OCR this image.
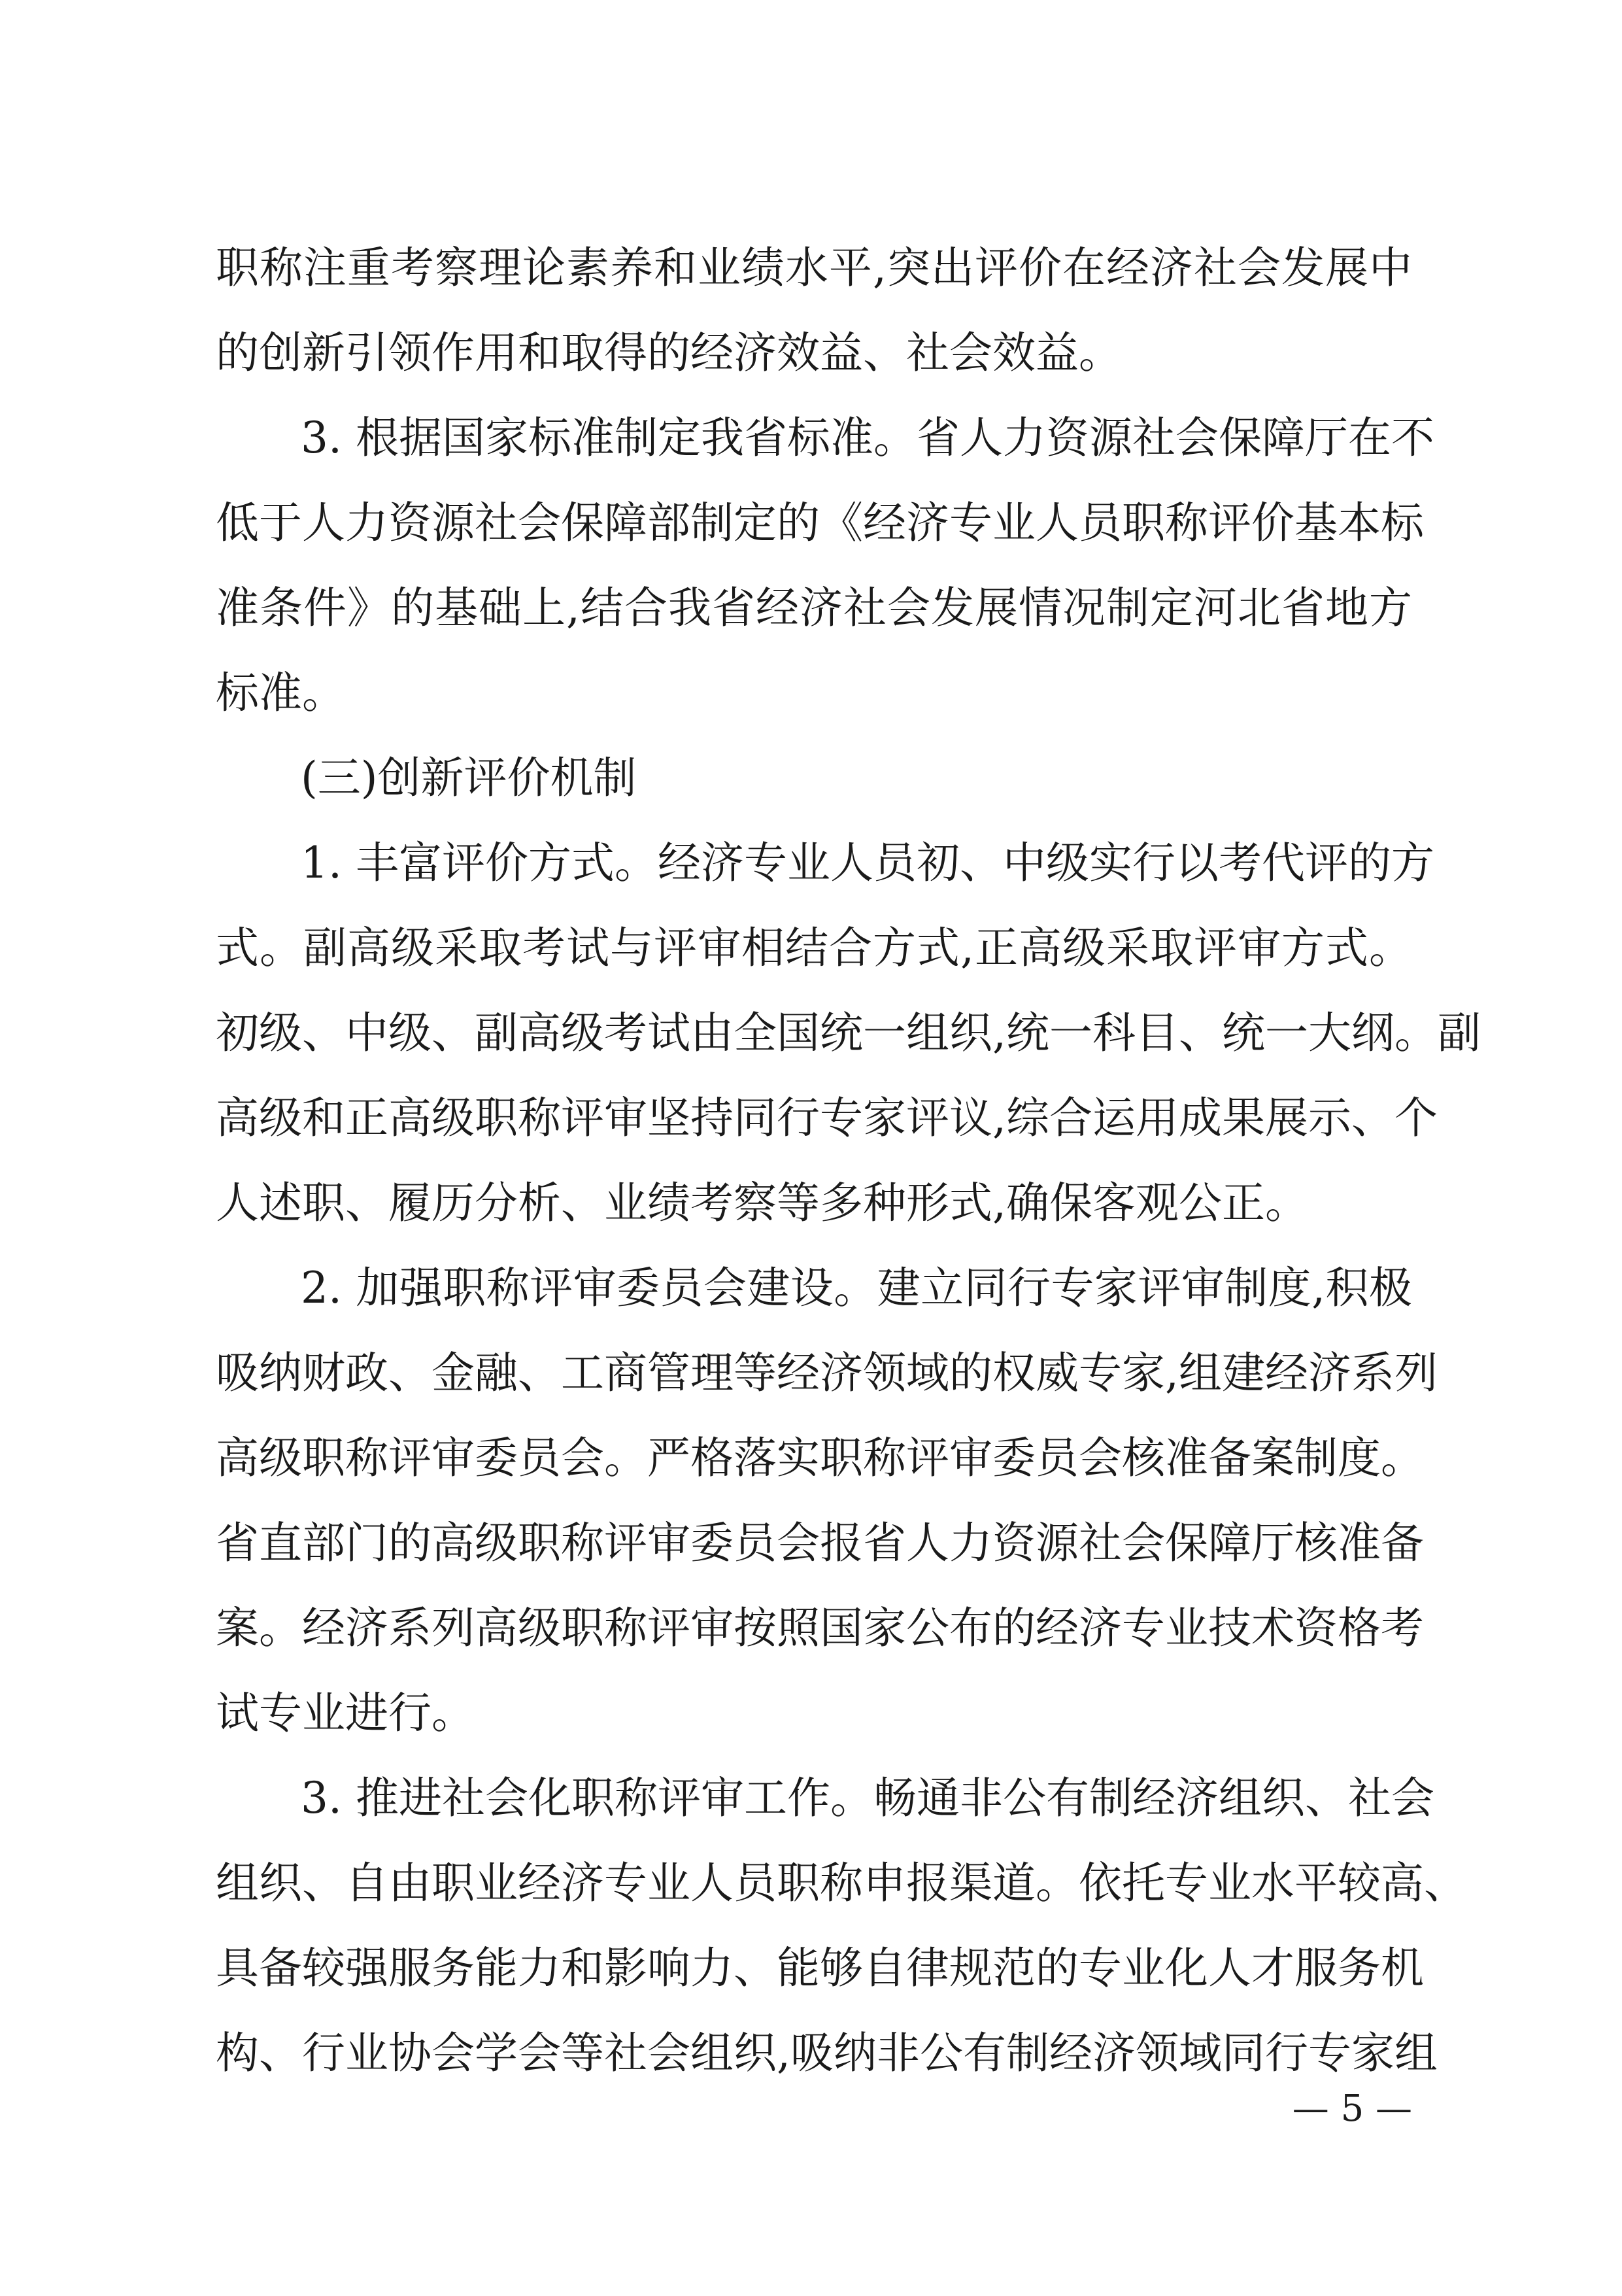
职称注重考察理论素养和业绩水平,突出评价在经济社会发展中
的创新引领作用和取得的经济效益、社会效益。
3. 根据国家标准制定我省标准。省人力资源社会保障厅在不
低于人力资源社会保障部制定的《经济专业人员职称评价基本标
准条件》的基础上,结合我省经济社会发展情况制定河北省地方
标准。
(三)创新评价机制
1. 丰富评价方式。经济专业人员初、中级实行以考代评的方
式。副高级采取考试与评审相结合方式,正高级采取评审方式。
初级、中级、副高级考试由全国统一组织,统一科目、统一大纲。副
高级和正高级职称评审坚持同行专家评议,综合运用成果展示、个
人述职、履历分析、业绩考察等多种形式,确保客观公正。
2. 加强职称评审委员会建设。建立同行专家评审制度,积极
吸纳财政、金融、工商管理等经济领域的权威专家,组建经济系列
高级职称评审委员会。严格落实职称评审委员会核准备案制度。
省直部门的高级职称评审委员会报省人力资源社会保障厅核准备
案。经济系列高级职称评审按照国家公布的经济专业技术资格考
试专业进行。
3. 推进社会化职称评审工作。畅通非公有制经济组织、社会
组织、自由职业经济专业人员职称申报渠道。依托专业水平较高、
具备较强服务能力和影响力、能够自律规范的专业化人才服务机
构、行业协会学会等社会组织,吸纳非公有制经济领域同行专家组
— 5 —
